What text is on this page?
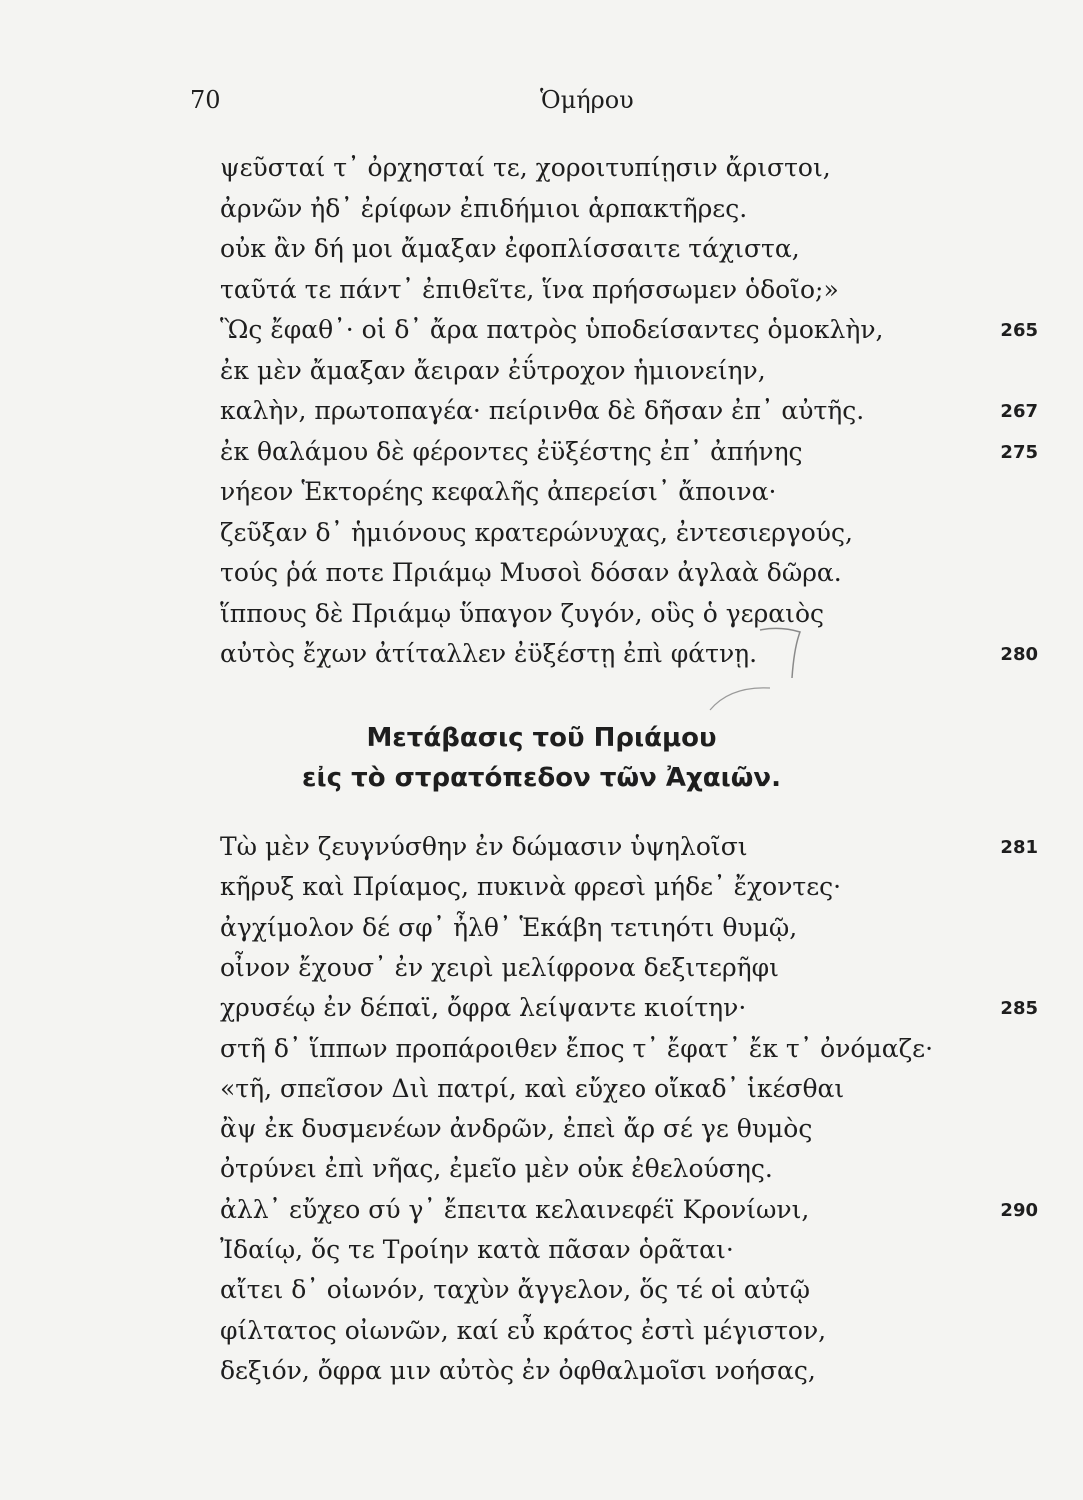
70	Ὁμήρου
ψεῦσταί τ᾽ ὀρχησταί τε, χοροιτυπίῃσιν ἄριστοι,
ἀρνῶν ἠδ᾽ ἐρίφων ἐπιδήμιοι ἁρπακτῆρες.
οὐκ ἂν δή μοι ἄμαξαν ἐφοπλίσσαιτε τάχιστα,
ταῦτά τε πάντ᾽ ἐπιθεῖτε, ἵνα πρήσσωμεν ὁδοῖο;»
Ὣς ἔφαθ᾽· οἱ δ᾽ ἄρα πατρὸς ὑποδείσαντες ὁμοκλὴν,	265
ἐκ μὲν ἄμαξαν ἄειραν ἐΰτροχον ἡμιονείην,
καλὴν, πρωτοπαγέα· πείρινθα δὲ δῆσαν ἐπ᾽ αὐτῆς.	267
ἐκ θαλάμου δὲ φέροντες ἐϋξέστης ἐπ᾽ ἀπήνης	275
νήεον Ἑκτορέης κεφαλῆς ἀπερείσι᾽ ἄποινα·
ζεῦξαν δ᾽ ἡμιόνους κρατερώνυχας, ἐντεσιεργούς,
τούς ῥά ποτε Πριάμῳ Μυσοὶ δόσαν ἀγλαὰ δῶρα.
ἵππους δὲ Πριάμῳ ὕπαγον ζυγόν, οὓς ὁ γεραιὸς
αὐτὸς ἔχων ἀτίταλλεν ἐϋξέστῃ ἐπὶ φάτνῃ.	280
Μετάβασις τοῦ Πριάμου
εἰς τὸ στρατόπεδον τῶν Ἀχαιῶν.
Τὼ μὲν ζευγνύσθην ἐν δώμασιν ὑψηλοῖσι	281
κῆρυξ καὶ Πρίαμος, πυκινὰ φρεσὶ μήδε᾽ ἔχοντες·
ἀγχίμολον δέ σφ᾽ ἦλθ᾽ Ἑκάβη τετιηότι θυμῷ,
οἶνον ἔχουσ᾽ ἐν χειρὶ μελίφρονα δεξιτερῆφι
χρυσέῳ ἐν δέπαϊ, ὄφρα λείψαντε κιοίτην·	285
στῆ δ᾽ ἵππων προπάροιθεν ἔπος τ᾽ ἔφατ᾽ ἔκ τ᾽ ὀνόμαζε·
«τῆ, σπεῖσον Διὶ πατρί, καὶ εὔχεο οἴκαδ᾽ ἱκέσθαι
ἂψ ἐκ δυσμενέων ἀνδρῶν, ἐπεὶ ἄρ σέ γε θυμὸς
ὀτρύνει ἐπὶ νῆας, ἐμεῖο μὲν οὐκ ἐθελούσης.
ἀλλ᾽ εὔχεο σύ γ᾽ ἔπειτα κελαινεφέϊ Κρονίωνι,	290
Ἰδαίῳ, ὅς τε Τροίην κατὰ πᾶσαν ὁρᾶται·
αἴτει δ᾽ οἰωνόν, ταχὺν ἄγγελον, ὅς τέ οἱ αὐτῷ
φίλτατος οἰωνῶν, καί εὖ κράτος ἐστὶ μέγιστον,
δεξιόν, ὄφρα μιν αὐτὸς ἐν ὀφθαλμοῖσι νοήσας,
